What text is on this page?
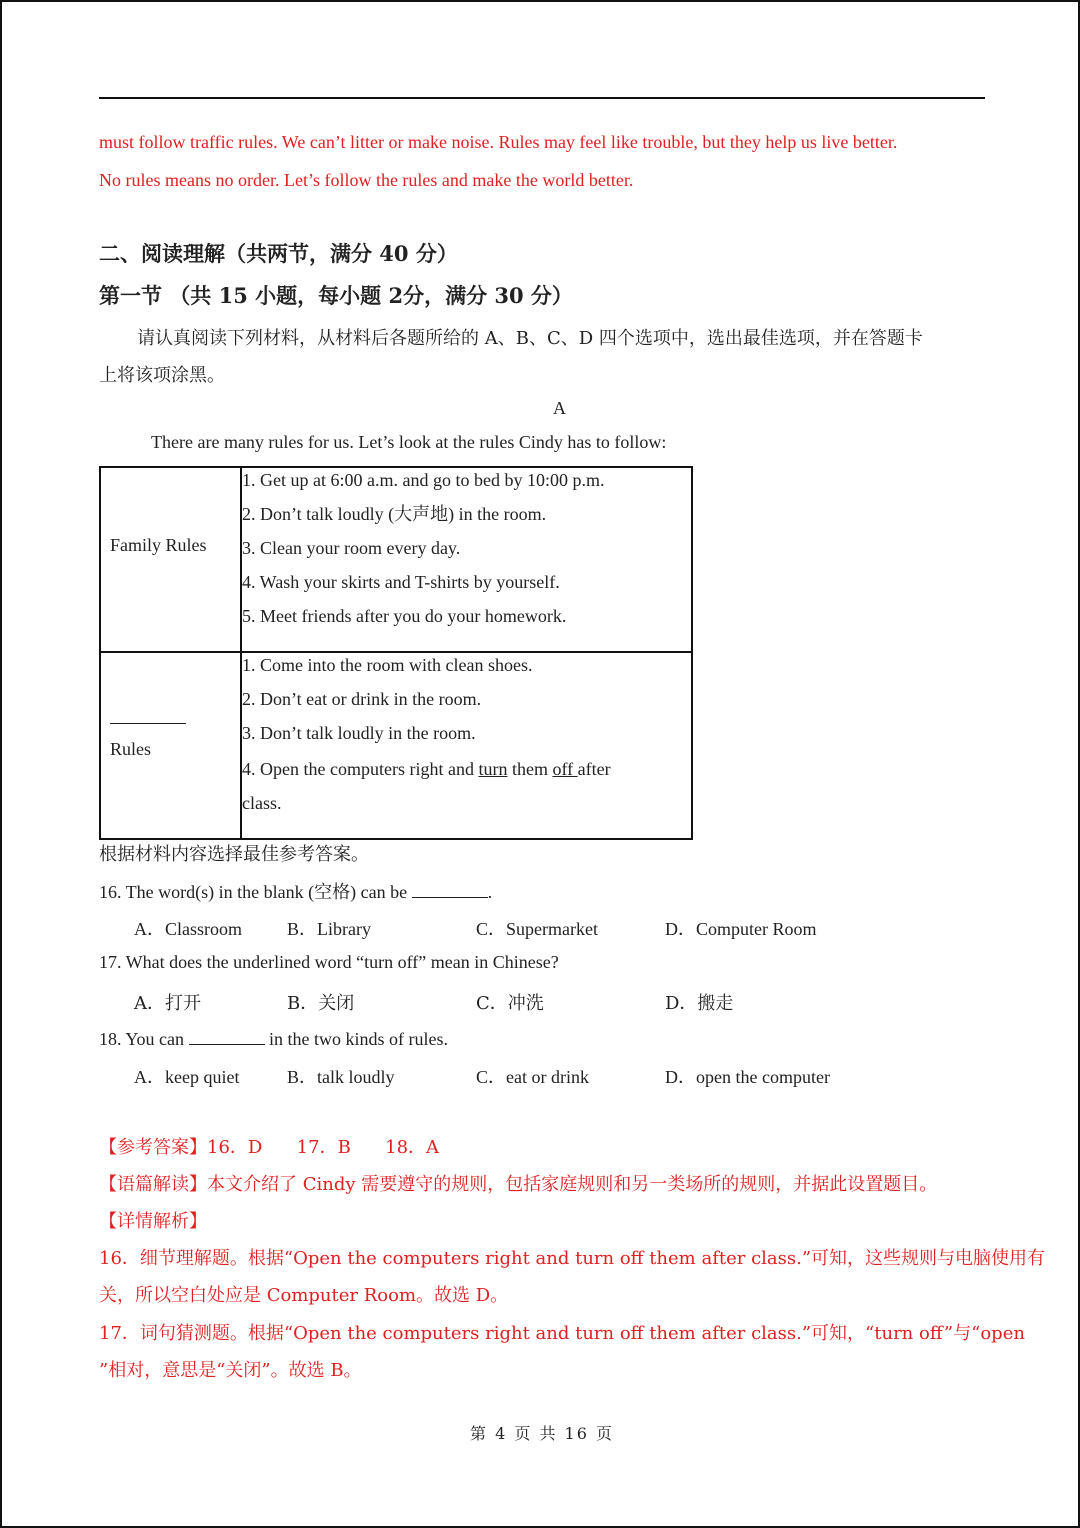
must follow traffic rules. We can’t litter or make noise. Rules may feel like trouble, but they help us live better.
No rules means no order. Let’s follow the rules and make the world better.
二、阅读理解（共两节，满分 40 分）
第一节 （共 15 小题，每小题 2分，满分 30 分）
请认真阅读下列材料，从材料后各题所给的 A、B、C、D 四个选项中，选出最佳选项，并在答题卡
上将该项涂黑。
A
There are many rules for us. Let’s look at the rules Cindy has to follow:
Family Rules	1. Get up at 6:00 a.m. and go to bed by 10:00 p.m.
2. Don’t talk loudly (大声地) in the room.
3. Clean your room every day.
4. Wash your skirts and T-shirts by yourself.
5. Meet friends after you do your homework.

Rules	1. Come into the room with clean shoes.
2. Don’t eat or drink in the room.
3. Don’t talk loudly in the room.
4. Open the computers right and turn them off after
class.
根据材料内容选择最佳参考答案。
16. The word(s) in the blank (空格) can be	.
A．Classroom	B．Library	C．Supermarket	D．Computer Room
17. What does the underlined word “turn off” mean in Chinese?
A．打开	B．关闭	C．冲洗	D．搬走
18. You can	in the two kinds of rules.
A．keep quiet	B．talk loudly	C．eat or drink	D．open the computer
【参考答案】16．D      17．B      18．A
【语篇解读】本文介绍了 Cindy 需要遵守的规则，包括家庭规则和另一类场所的规则，并据此设置题目。
【详情解析】
16．细节理解题。根据“Open the computers right and turn off them after class.”可知，这些规则与电脑使用有
关，所以空白处应是 Computer Room。故选 D。
17．词句猜测题。根据“Open the computers right and turn off them after class.”可知，“turn off”与“open
”相对，意思是“关闭”。故选 B。
第 4 页 共 16 页
